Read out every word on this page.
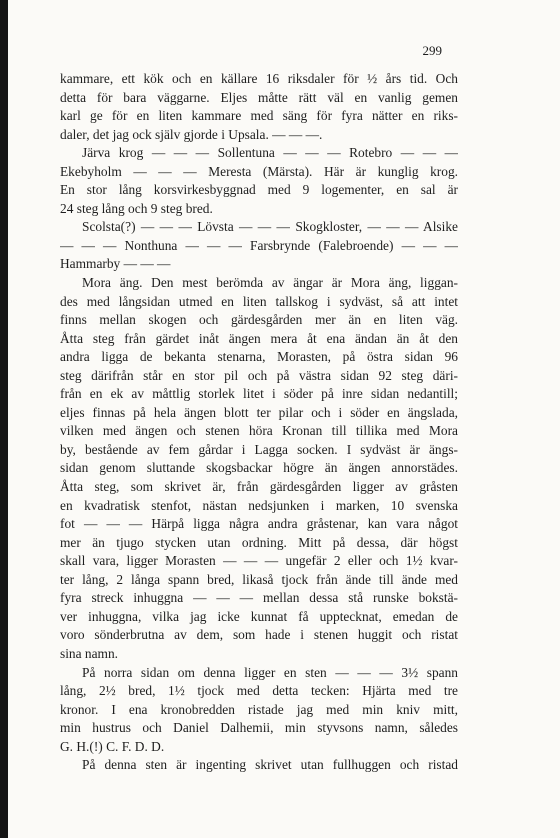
299
kammare, ett kök och en källare 16 riksdaler för ½ års tid. Och
detta för bara väggarne. Eljes måtte rätt väl en vanlig gemen
karl ge för en liten kammare med säng för fyra nätter en riks-
daler, det jag ock själv gjorde i Upsala. — — —.
Järva krog — — — Sollentuna — — — Rotebro — — —
Ekebyholm — — — Meresta (Märsta). Här är kunglig krog.
En stor lång korsvirkesbyggnad med 9 logementer, en sal är
24 steg lång och 9 steg bred.
Scolsta(?) — — — Lövsta — — — Skogkloster, — — — Alsike
— — — Nonthuna — — — Farsbrynde (Falebroende) — — —
Hammarby — — —
Mora äng. Den mest berömda av ängar är Mora äng, liggan-
des med långsidan utmed en liten tallskog i sydväst, så att intet
finns mellan skogen och gärdesgården mer än en liten väg.
Åtta steg från gärdet inåt ängen mera åt ena ändan än åt den
andra ligga de bekanta stenarna, Morasten, på östra sidan 96
steg därifrån står en stor pil och på västra sidan 92 steg däri-
från en ek av måttlig storlek litet i söder på inre sidan nedantill;
eljes finnas på hela ängen blott ter pilar och i söder en ängslada,
vilken med ängen och stenen höra Kronan till tillika med Mora
by, bestående av fem gårdar i Lagga socken. I sydväst är ängs-
sidan genom sluttande skogsbackar högre än ängen annorstädes.
Åtta steg, som skrivet är, från gärdesgården ligger av gråsten
en kvadratisk stenfot, nästan nedsjunken i marken, 10 svenska
fot — — — Härpå ligga några andra gråstenar, kan vara något
mer än tjugo stycken utan ordning. Mitt på dessa, där högst
skall vara, ligger Morasten — — — ungefär 2 eller och 1½ kvar-
ter lång, 2 långa spann bred, likaså tjock från ände till ände med
fyra streck inhuggna — — — mellan dessa stå runske bokstä-
ver inhuggna, vilka jag icke kunnat få upptecknat, emedan de
voro sönderbrutna av dem, som hade i stenen huggit och ristat
sina namn.
På norra sidan om denna ligger en sten — — — 3½ spann
lång, 2½ bred, 1½ tjock med detta tecken: Hjärta med tre
kronor. I ena kronobredden ristade jag med min kniv mitt,
min hustrus och Daniel Dalhemii, min styvsons namn, således
G. H.(!) C. F. D. D.
På denna sten är ingenting skrivet utan fullhuggen och ristad
